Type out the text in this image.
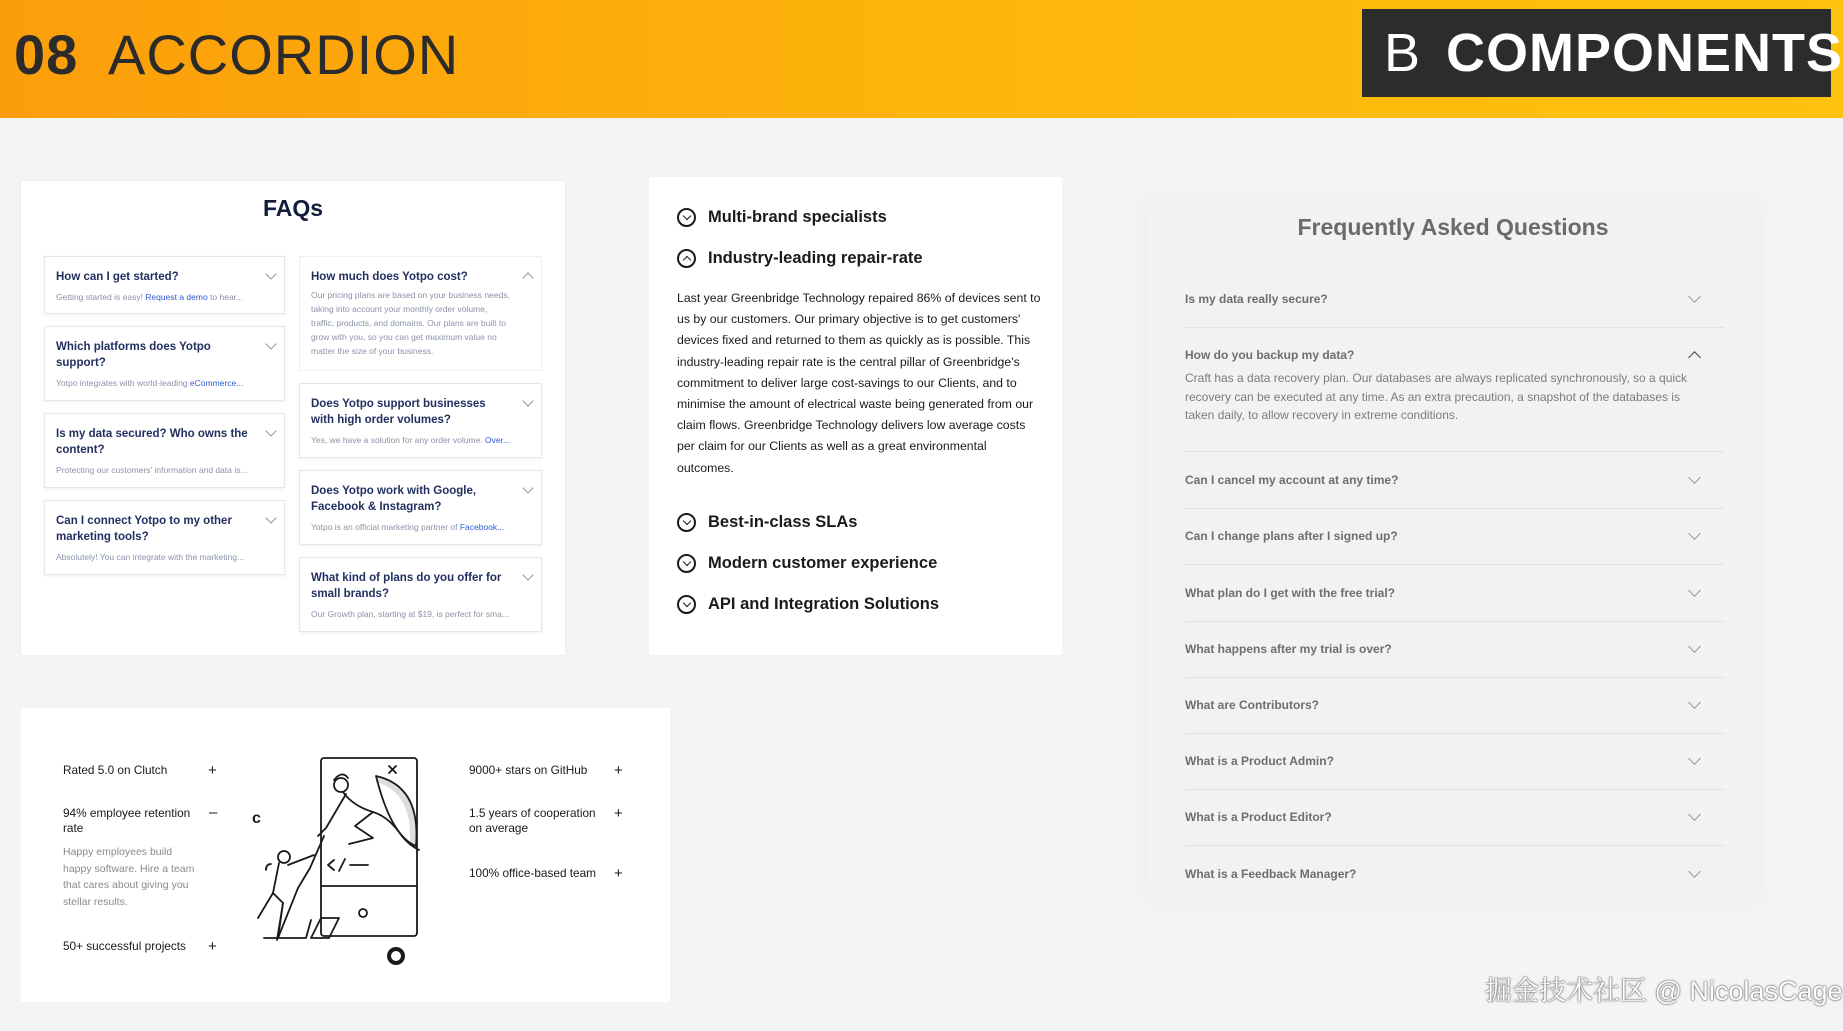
08 ACCORDION	B COMPONENTS
FAQs
How can I get started?
Getting started is easy! Request a demo to hear...
Which platforms does Yotpo support?
Yotpo integrates with world-leading eCommerce...
Is my data secured? Who owns the content?
Protecting our customers' information and data is...
Can I connect Yotpo to my other marketing tools?
Absolutely! You can integrate with the marketing...
How much does Yotpo cost?
Our pricing plans are based on your business needs, taking into account your monthly order volume, traffic, products, and domains. Our plans are built to grow with you, so you can get maximum value no matter the size of your business.
Does Yotpo support businesses with high order volumes?
Yes, we have a solution for any order volume. Over...
Does Yotpo work with Google, Facebook & Instagram?
Yotpo is an official marketing partner of Facebook...
What kind of plans do you offer for small brands?
Our Growth plan, starting at $19, is perfect for sma...
Multi-brand specialists
Industry-leading repair-rate
Last year Greenbridge Technology repaired 86% of devices sent to us by our customers. Our primary objective is to get customers' devices fixed and returned to them as quickly as is possible. This industry-leading repair rate is the central pillar of Greenbridge's commitment to deliver large cost-savings to our Clients, and to minimise the amount of electrical waste being generated from our claim flows. Greenbridge Technology delivers low average costs per claim for our Clients as well as a great environmental outcomes.
Best-in-class SLAs
Modern customer experience
API and Integration Solutions
Frequently Asked Questions
Is my data really secure?
How do you backup my data?
Craft has a data recovery plan. Our databases are always replicated synchronously, so a quick recovery can be executed at any time. As an extra precaution, a snapshot of the databases is taken daily, to allow recovery in extreme conditions.
Can I cancel my account at any time?
Can I change plans after I signed up?
What plan do I get with the free trial?
What happens after my trial is over?
What are Contributors?
What is a Product Admin?
What is a Product Editor?
What is a Feedback Manager?
Rated 5.0 on Clutch	+
94% employee retention rate
–
Happy employees build happy software. Hire a team that cares about giving you stellar results.
50+ successful projects +
c
9000+ stars on GitHub +
1.5 years of cooperation on average
+
100% office-based team +
掘金技术社区 @ NicolasCage
